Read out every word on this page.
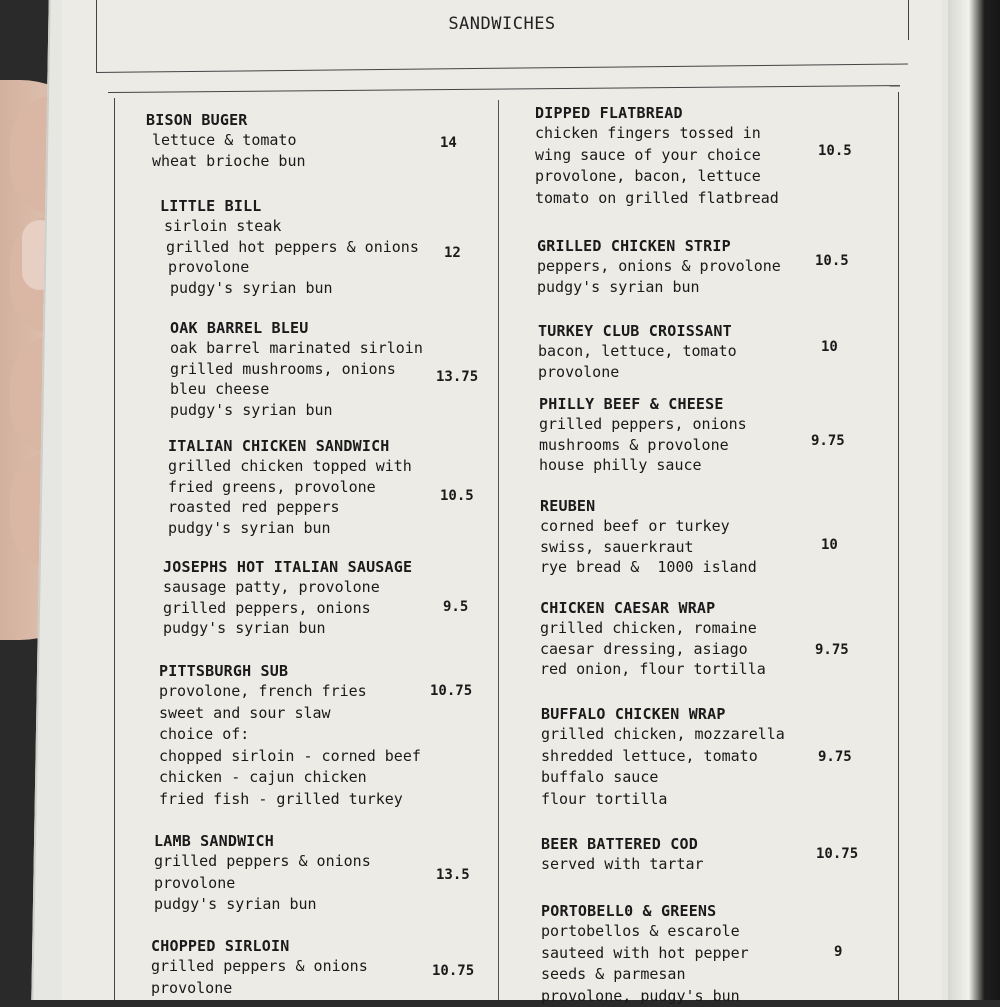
SANDWICHES
BISON BUGER
lettuce & tomato
wheat brioche bun
14
LITTLE BILL
sirloin steak
grilled hot peppers & onions
provolone
pudgy's syrian bun
12
OAK BARREL BLEU
oak barrel marinated sirloin
grilled mushrooms, onions
bleu cheese
pudgy's syrian bun
13.75
ITALIAN CHICKEN SANDWICH
grilled chicken topped with
fried greens, provolone
roasted red peppers
pudgy's syrian bun
10.5
JOSEPHS HOT ITALIAN SAUSAGE
sausage patty, provolone
grilled peppers, onions
pudgy's syrian bun
9.5
PITTSBURGH SUB
provolone, french fries
sweet and sour slaw
choice of:
chopped sirloin - corned beef
chicken - cajun chicken
fried fish - grilled turkey
10.75
LAMB SANDWICH
grilled peppers & onions
provolone
pudgy's syrian bun
13.5
CHOPPED SIRLOIN
grilled peppers & onions
provolone
10.75
DIPPED FLATBREAD
chicken fingers tossed in
wing sauce of your choice
provolone, bacon, lettuce
tomato on grilled flatbread
10.5
GRILLED CHICKEN STRIP
peppers, onions & provolone
pudgy's syrian bun
10.5
TURKEY CLUB CROISSANT
bacon, lettuce, tomato
provolone
10
PHILLY BEEF & CHEESE
grilled peppers, onions
mushrooms & provolone
house philly sauce
9.75
REUBEN
corned beef or turkey
swiss, sauerkraut
rye bread &  1000 island
10
CHICKEN CAESAR WRAP
grilled chicken, romaine
caesar dressing, asiago
red onion, flour tortilla
9.75
BUFFALO CHICKEN WRAP
grilled chicken, mozzarella
shredded lettuce, tomato
buffalo sauce
flour tortilla
9.75
BEER BATTERED COD
served with tartar
10.75
PORTOBELL0 & GREENS
portobellos & escarole
sauteed with hot pepper
seeds & parmesan
provolone, pudgy's bun
9
